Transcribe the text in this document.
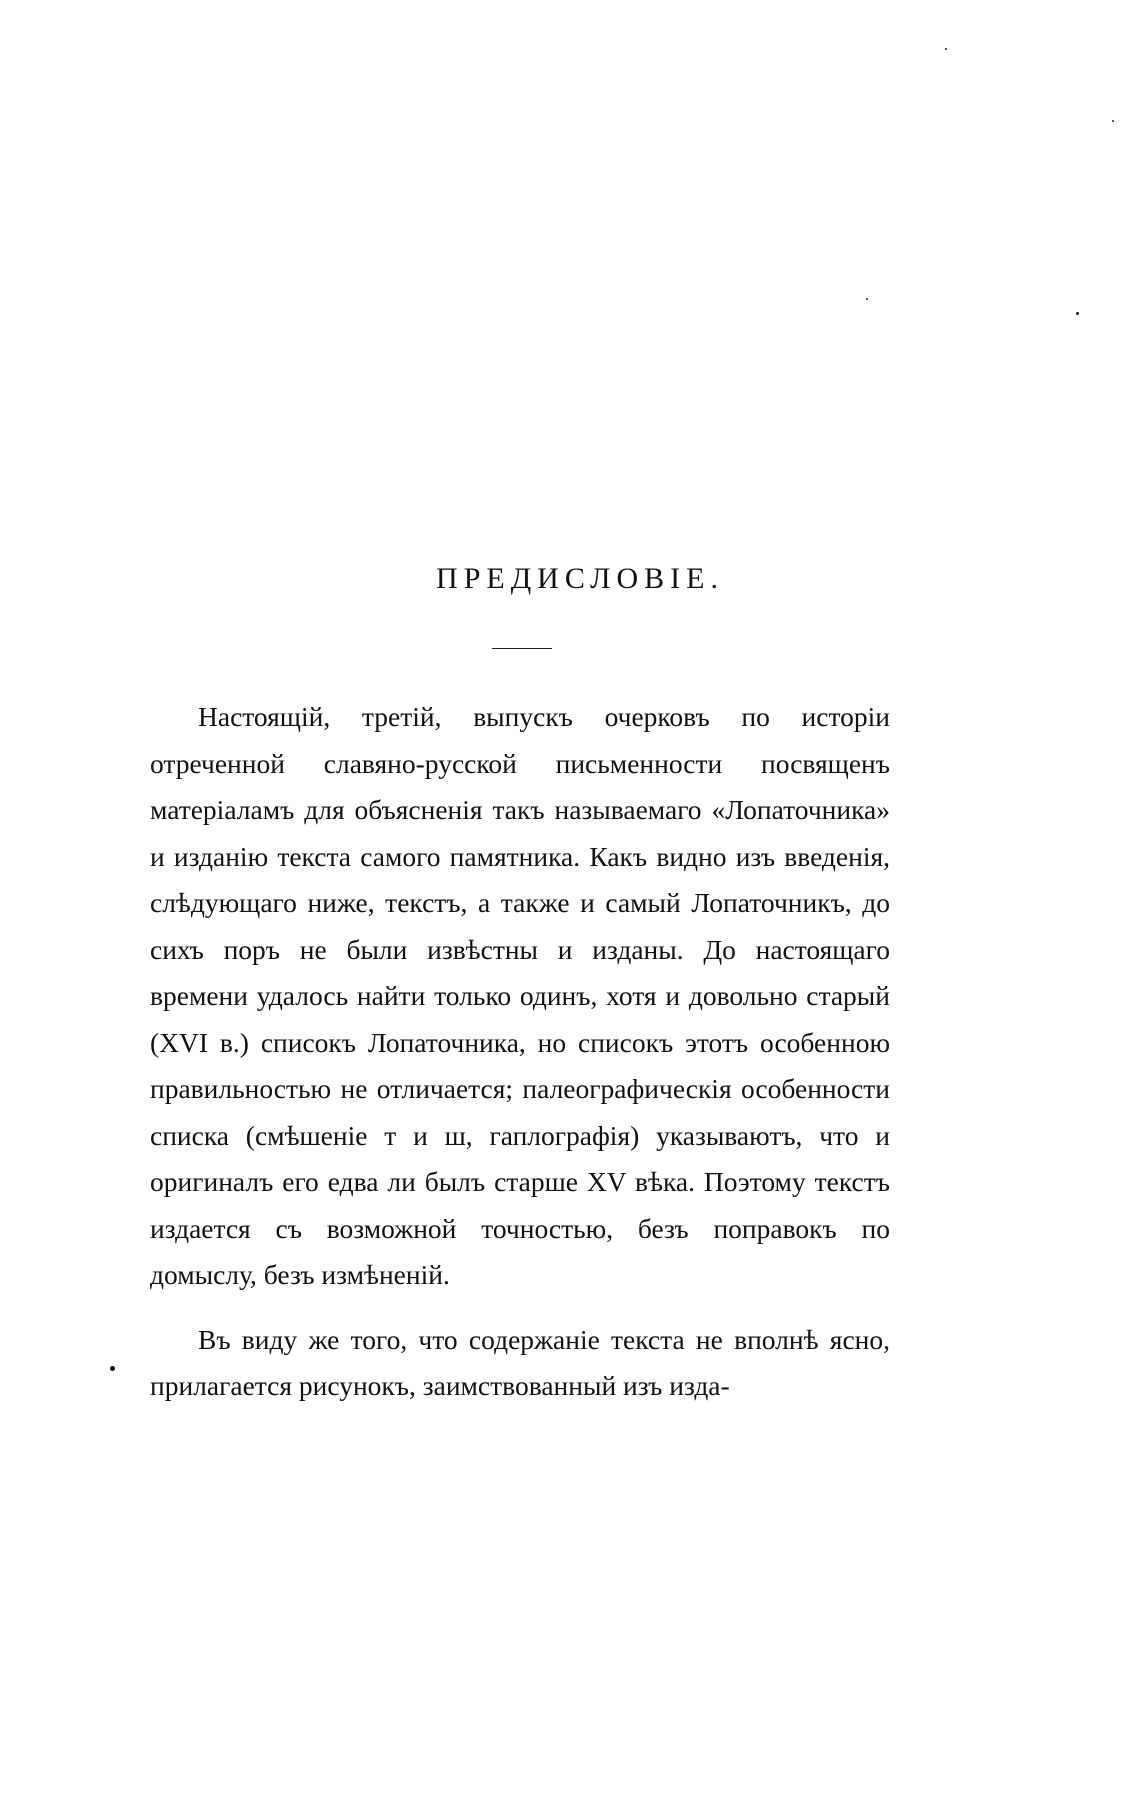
ПРЕДИСЛОВІЕ.

Настоящій, третій, выпускъ очерковъ по исторіи отреченной славяно-русской письменности посвященъ матеріаламъ для объясненія такъ называемаго «Лопаточника» и изданію текста самого памятника. Какъ видно изъ введенія, слѣдующаго ниже, текстъ, а также и самый Лопаточникъ, до сихъ поръ не были извѣстны и изданы. До настоящаго времени удалось найти только одинъ, хотя и довольно старый (XVI в.) списокъ Лопаточника, но списокъ этотъ особенною правильностью не отличается; палеографическія особенности списка (смѣшеніе т и ш, гаплографія) указываютъ, что и оригиналъ его едва ли былъ старше XV вѣка. Поэтому текстъ издается съ возможной точностью, безъ поправокъ по домыслу, безъ измѣненій.

Въ виду же того, что содержаніе текста не вполнѣ ясно, прилагается рисунокъ, заимствованный изъ изда-
